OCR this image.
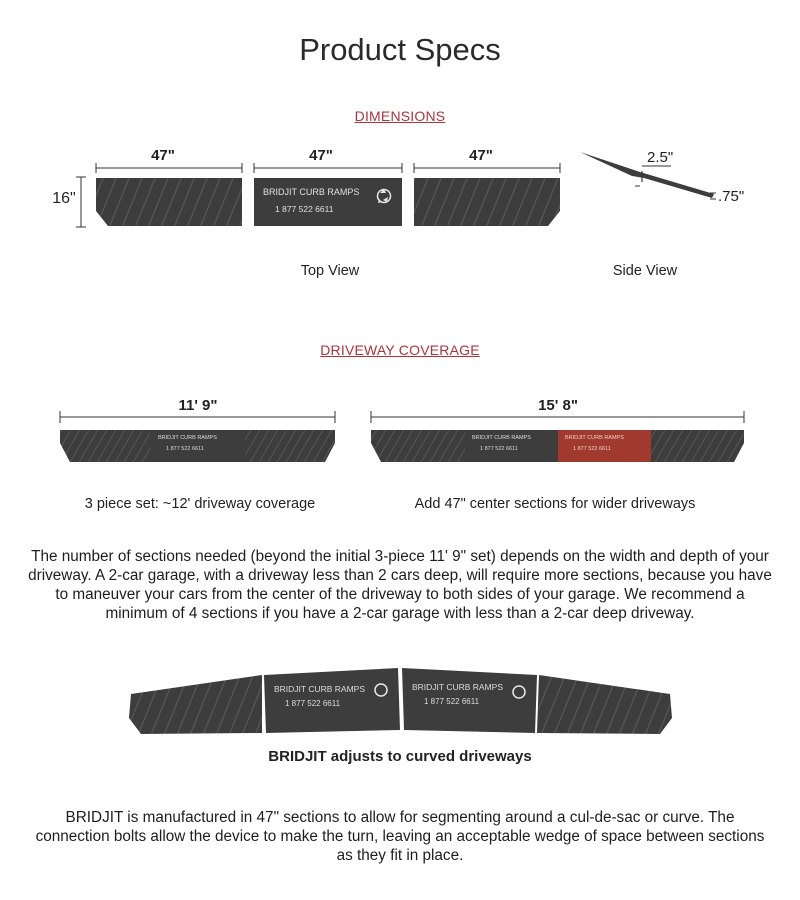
Product Specs
DIMENSIONS
47"	47"	47"
16"
2.5"
.75"
BRIDJIT CURB RAMPS
1 877 522 6611
Top View	Side View
DRIVEWAY COVERAGE
11' 9"	15' 8"
BRIDJIT CURB RAMPS
1 877 522 6611
BRIDJIT CURB RAMPS
1 877 522 6611
BRIDJIT CURB RAMPS
1 877 522 6611
3 piece set: ~12' driveway coverage	Add 47" center sections for wider driveways
The number of sections needed (beyond the initial 3-piece 11' 9" set) depends on the width and depth of your driveway. A 2-car garage, with a driveway less than 2 cars deep, will require more sections, because you have to maneuver your cars from the center of the driveway to both sides of your garage. We recommend a minimum of 4 sections if you have a 2-car garage with less than a 2-car deep driveway.
BRIDJIT CURB RAMPS
1 877 522 6611
BRIDJIT CURB RAMPS
1 877 522 6611
BRIDJIT adjusts to curved driveways
BRIDJIT is manufactured in 47" sections to allow for segmenting around a cul-de-sac or curve. The connection bolts allow the device to make the turn, leaving an acceptable wedge of space between sections as they fit in place.
